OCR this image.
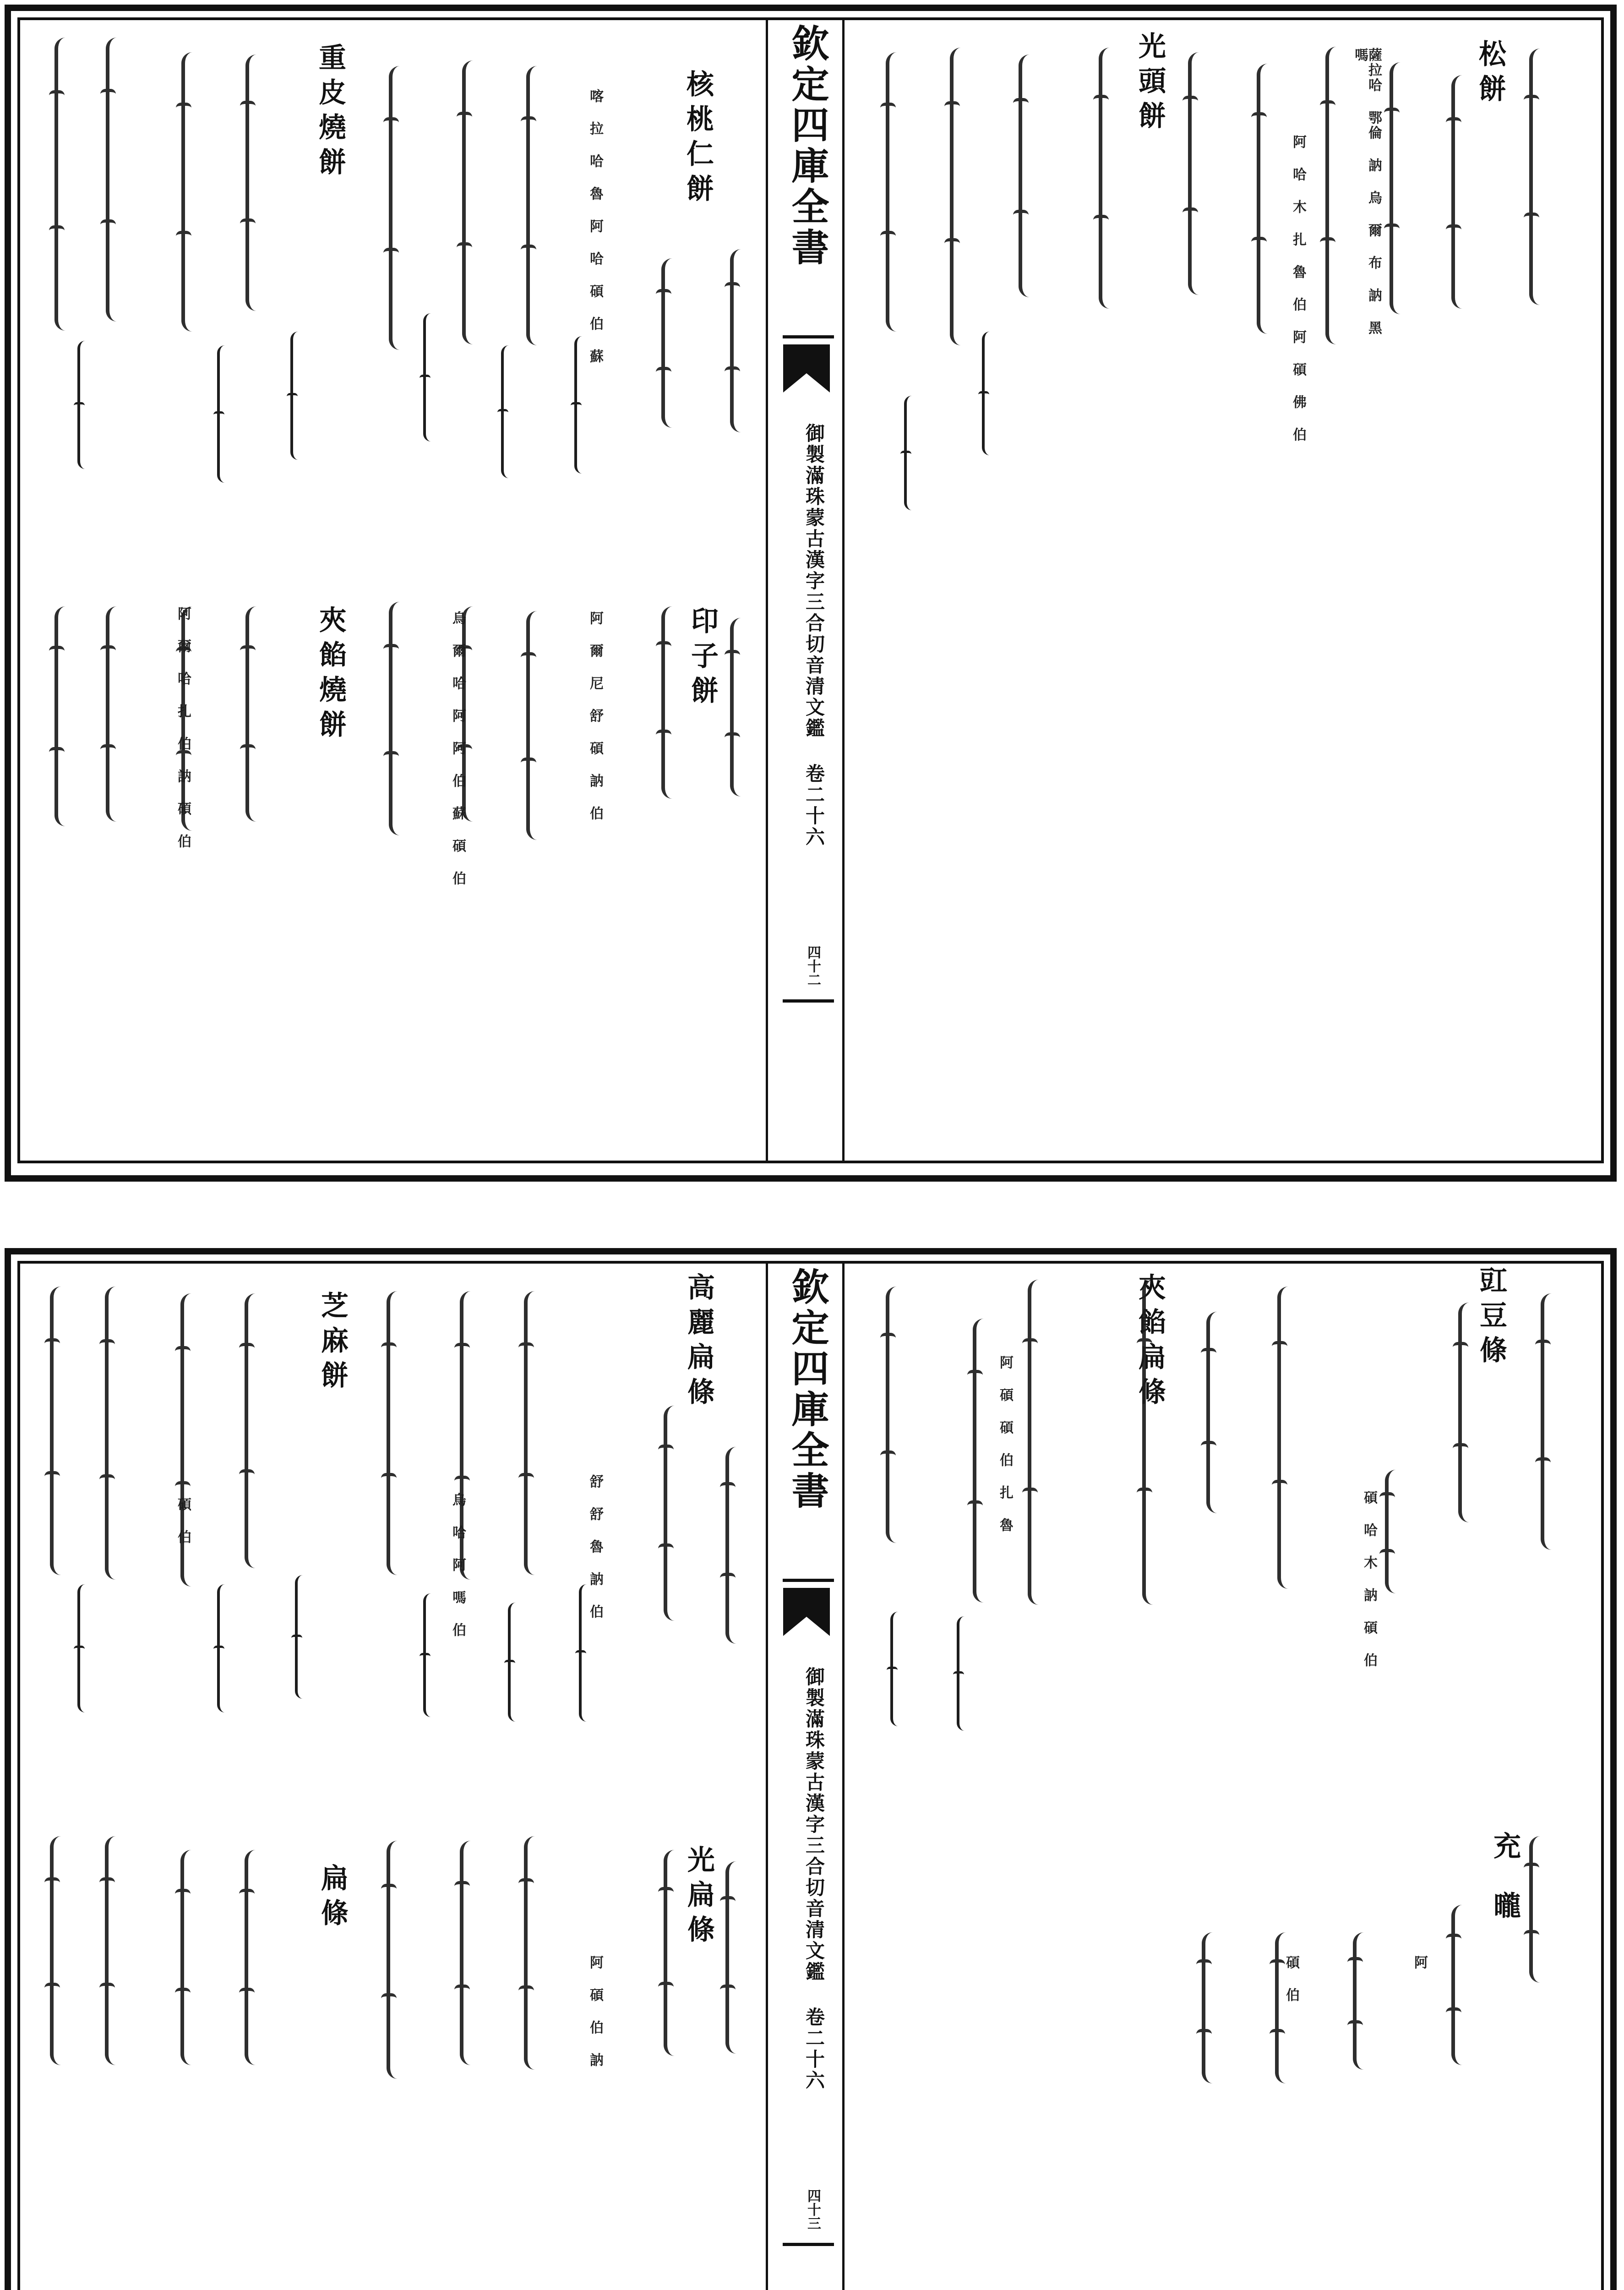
欽定四庫全書
御製滿珠蒙古漢字三合切音清文鑑 卷二十六
四十二
松餅
光頭餅
核桃仁餅
印子餅
重皮燒餅
夾餡燒餅
薩拉哈 鄂倫 訥 烏 爾 布 訥 黑 嗎
阿 哈 木 扎 魯 伯 阿 碩 佛 伯
喀 拉 哈 魯 阿 哈 碩 伯 蘇
阿 爾 尼 舒 碩 訥 伯
烏 爾 哈 阿 阿 伯 蘇 碩 伯
阿 爾 哈 扎 伯 訥 碩 伯
欽定四庫全書
御製滿珠蒙古漢字三合切音清文鑑 卷二十六
四十三
豇豆條
夾餡扁條
高麗扁條
光扁條
芝麻餅
扁條
充
曨
碩 哈 木 訥 碩 伯
阿 碩 碩 伯 扎 魯
舒 舒 魯 訥 伯
阿 碩 伯 訥
烏 哈 阿 嗎 伯
碩 伯
阿
碩 伯
